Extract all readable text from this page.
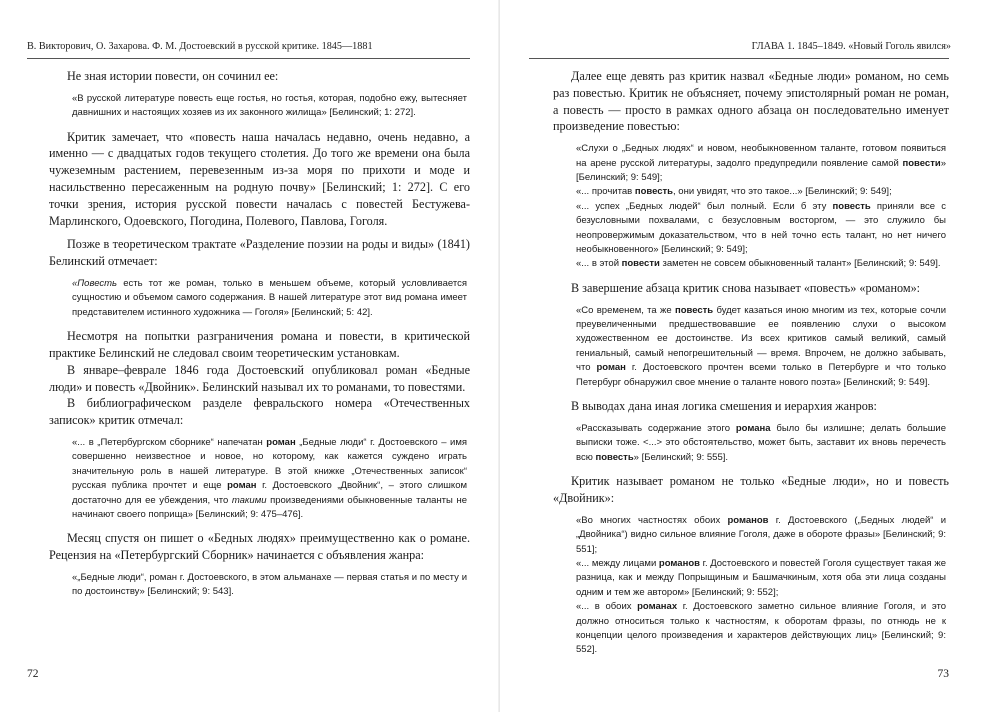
В. Викторович, О. Захарова. Ф. М. Достоевский в русской критике. 1845—1881

Не зная истории повести, он сочинил ее:

«В русской литературе повесть еще гостья, но гостья, которая, подобно ежу, вытесняет давнишних и настоящих хозяев из их законного жилища» [Белинский; 1: 272].

Критик замечает, что «повесть наша началась недавно, очень недавно, а именно — с двадцатых годов текущего столетия. До того же времени она была чужеземным растением, перевезенным из-за моря по прихоти и моде и насильственно пересаженным на родную почву» [Белинский; 1: 272]. С его точки зрения, история русской повести началась с повестей Бестужева-Марлинского, Одоевского, Погодина, Полевого, Павлова, Гоголя.

Позже в теоретическом трактате «Разделение поэзии на роды и виды» (1841) Белинский отмечает:

«Повесть есть тот же роман, только в меньшем объеме, который условливается сущностию и объемом самого содержания. В нашей литературе этот вид романа имеет представителем истинного художника — Гоголя» [Белинский; 5: 42].

Несмотря на попытки разграничения романа и повести, в критической практике Белинский не следовал своим теоретическим установкам.

В январе–феврале 1846 года Достоевский опубликовал роман «Бедные люди» и повесть «Двойник». Белинский называл их то романами, то повестями.

В библиографическом разделе февральского номера «Отечественных записок» критик отмечал:

«... в „Петербургском сборнике“ напечатан роман „Бедные люди“ г. Достоевского – имя совершенно неизвестное и новое, но которому, как кажется суждено играть значительную роль в нашей литературе. В этой книжке „Отечественных записок“ русская публика прочтет и еще роман г. Достоевского „Двойник“, – этого слишком достаточно для ее убеждения, что такими произведениями обыкновенные таланты не начинают своего поприща» [Белинский; 9: 475–476].

Месяц спустя он пишет о «Бедных людях» преимущественно как о романе. Рецензия на «Петербургский Сборник» начинается с объявления жанра:

«„Бедные люди“, роман г. Достоевского, в этом альманахе — первая статья и по месту и по достоинству» [Белинский; 9: 543].
72
ГЛАВА 1. 1845–1849. «Новый Гоголь явился»

Далее еще девять раз критик назвал «Бедные люди» романом, но семь раз повестью. Критик не объясняет, почему эпистолярный роман не роман, а повесть — просто в рамках одного абзаца он последовательно именует произведение повестью:

«Слухи о „Бедных людях“ и новом, необыкновенном таланте, готовом появиться на арене русской литературы, задолго предупредили появление самой повести» [Белинский; 9: 549];
«... прочитав повесть, они увидят, что это такое...» [Белинский; 9: 549];
«... успех „Бедных людей“ был полный. Если б эту повесть приняли все с безусловными похвалами, с безусловным восторгом, — это служило бы неопровержимым доказательством, что в ней точно есть талант, но нет ничего необыкновенного» [Белинский; 9: 549];
«... в этой повести заметен не совсем обыкновенный талант» [Белинский; 9: 549].

В завершение абзаца критик снова называет «повесть» «романом»:

«Со временем, та же повесть будет казаться иною многим из тех, которые сочли преувеличенными предшествовавшие ее появлению слухи о высоком художественном ее достоинстве. Из всех критиков самый великий, самый гениальный, самый непогрешительный — время. Впрочем, не должно забывать, что роман г. Достоевского прочтен всеми только в Петербурге и что только Петербург обнаружил свое мнение о таланте нового поэта» [Белинский; 9: 549].

В выводах дана иная логика смешения и иерархия жанров:

«Рассказывать содержание этого романа было бы излишне; делать большие выписки тоже. <...> это обстоятельство, может быть, заставит их вновь перечесть всю повесть» [Белинский; 9: 555].

Критик называет романом не только «Бедные люди», но и повесть «Двойник»:

«Во многих частностях обоих романов г. Достоевского („Бедных людей“ и „Двойника“) видно сильное влияние Гоголя, даже в обороте фразы» [Белинский; 9: 551];
«... между лицами романов г. Достоевского и повестей Гоголя существует такая же разница, как и между Попрыщиным и Башмачкиным, хотя оба эти лица созданы одним и тем же автором» [Белинский; 9: 552];
«... в обоих романах г. Достоевского заметно сильное влияние Гоголя, и это должно относиться только к частностям, к оборотам фразы, по отнюдь не к концепции целого произведения и характеров действующих лиц» [Белинский; 9: 552].
73
